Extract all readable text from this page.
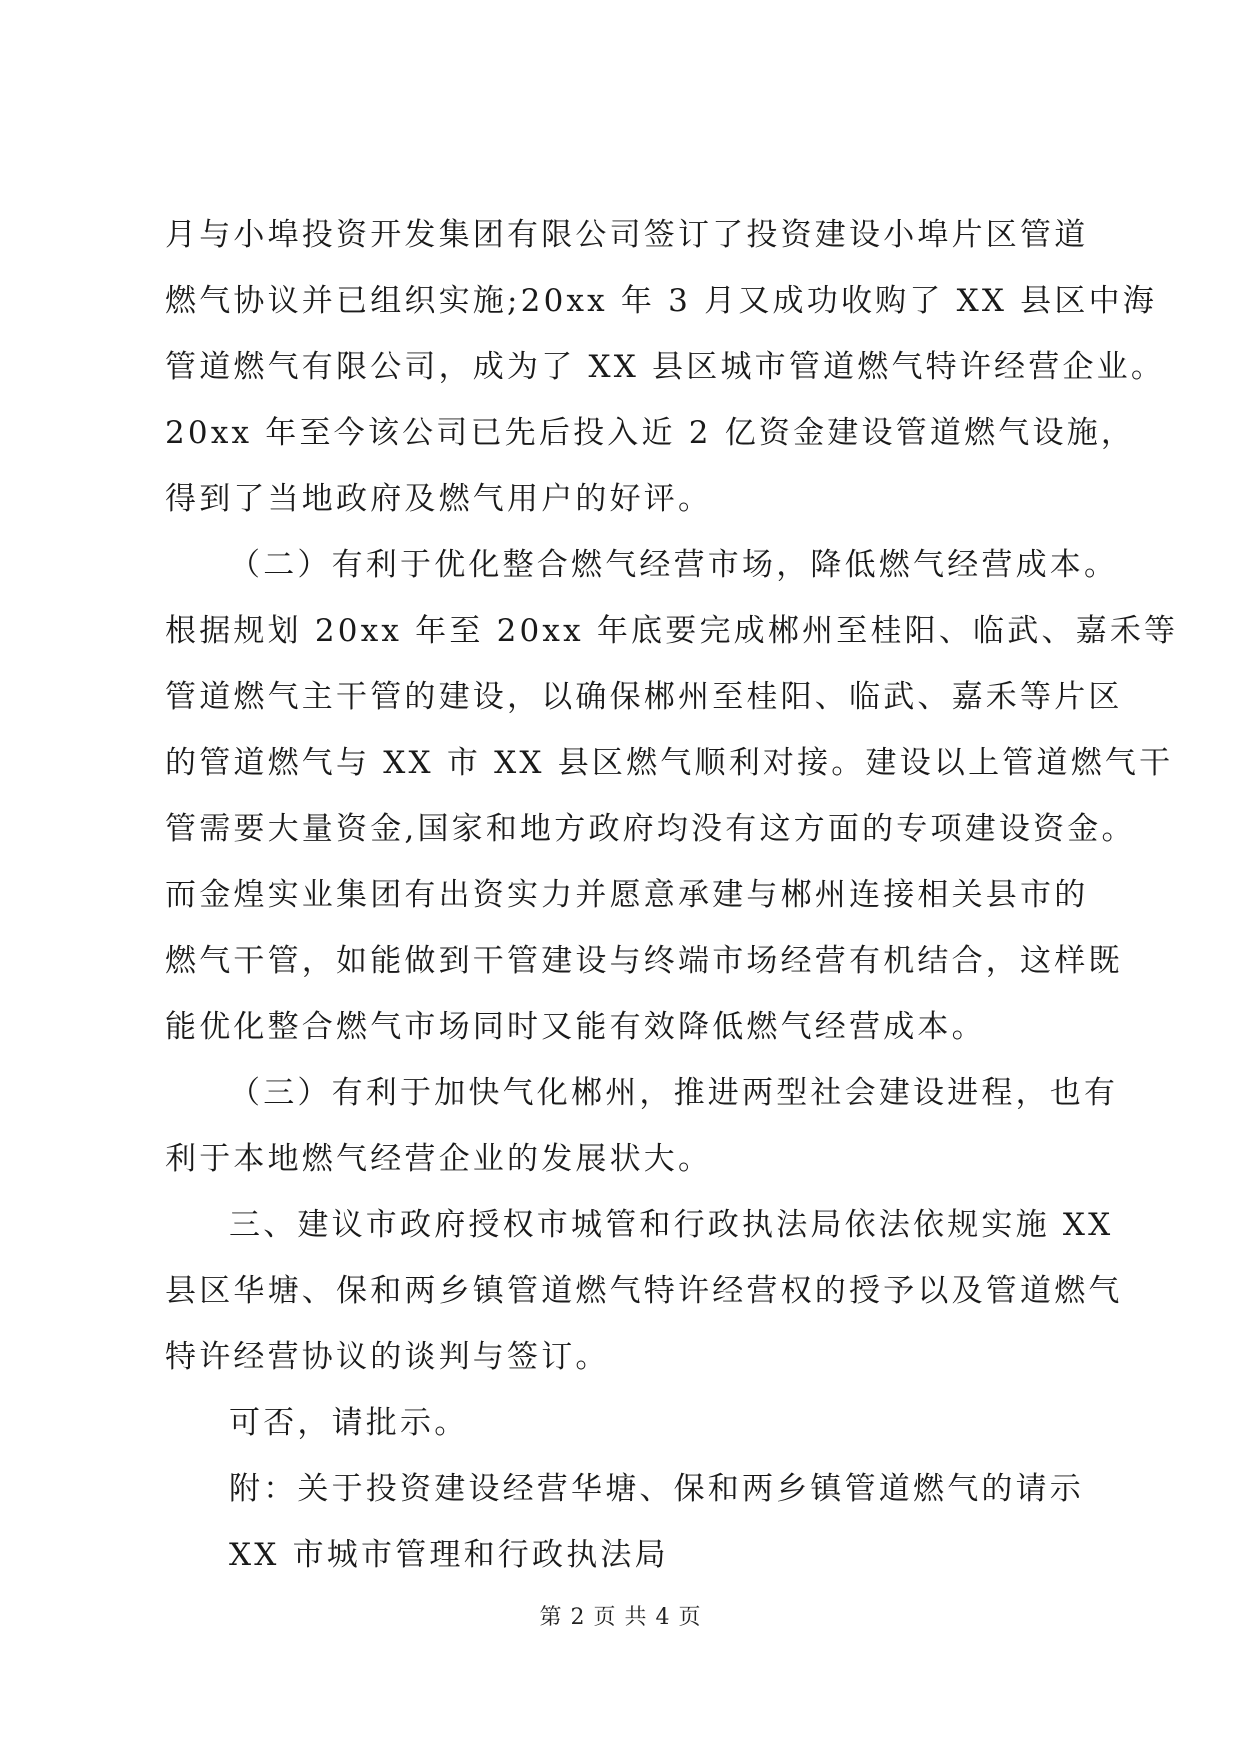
月与小埠投资开发集团有限公司签订了投资建设小埠片区管道
燃气协议并已组织实施;20xx 年 3 月又成功收购了 XX 县区中海
管道燃气有限公司，成为了 XX 县区城市管道燃气特许经营企业。
20xx 年至今该公司已先后投入近 2 亿资金建设管道燃气设施，
得到了当地政府及燃气用户的好评。
（二）有利于优化整合燃气经营市场，降低燃气经营成本。
根据规划 20xx 年至 20xx 年底要完成郴州至桂阳、临武、嘉禾等
管道燃气主干管的建设，以确保郴州至桂阳、临武、嘉禾等片区
的管道燃气与 XX 市 XX 县区燃气顺利对接。建设以上管道燃气干
管需要大量资金,国家和地方政府均没有这方面的专项建设资金。
而金煌实业集团有出资实力并愿意承建与郴州连接相关县市的
燃气干管，如能做到干管建设与终端市场经营有机结合，这样既
能优化整合燃气市场同时又能有效降低燃气经营成本。
（三）有利于加快气化郴州，推进两型社会建设进程，也有
利于本地燃气经营企业的发展状大。
三、建议市政府授权市城管和行政执法局依法依规实施 XX
县区华塘、保和两乡镇管道燃气特许经营权的授予以及管道燃气
特许经营协议的谈判与签订。
可否，请批示。
附：关于投资建设经营华塘、保和两乡镇管道燃气的请示
XX 市城市管理和行政执法局
第 2 页 共 4 页
